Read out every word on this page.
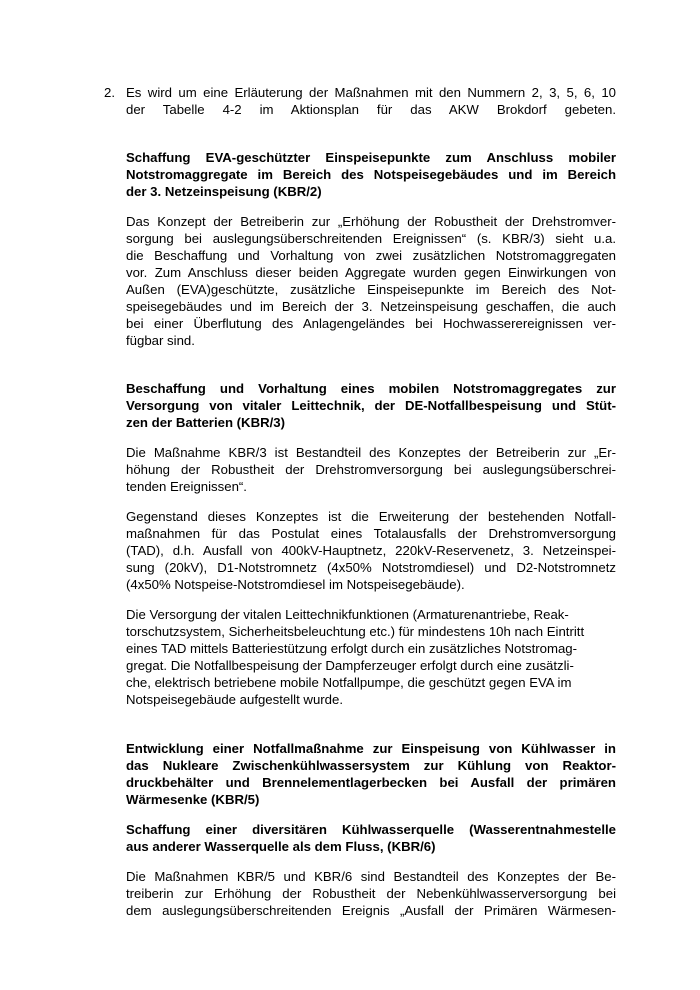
2. Es wird um eine Erläuterung der Maßnahmen mit den Nummern 2, 3, 5, 6, 10
der Tabelle 4-2 im Aktionsplan für das AKW Brokdorf gebeten.
Schaffung EVA-geschützter Einspeisepunkte zum Anschluss mobiler
Notstromaggregate im Bereich des Notspeisegebäudes und im Bereich
der 3. Netzeinspeisung (KBR/2)
Das Konzept der Betreiberin zur „Erhöhung der Robustheit der Drehstromver-
sorgung bei auslegungsüberschreitenden Ereignissen“ (s. KBR/3) sieht u.a.
die Beschaffung und Vorhaltung von zwei zusätzlichen Notstromaggregaten
vor. Zum Anschluss dieser beiden Aggregate wurden gegen Einwirkungen von
Außen (EVA)geschützte, zusätzliche Einspeisepunkte im Bereich des Not-
speisegebäudes und im Bereich der 3. Netzeinspeisung geschaffen, die auch
bei einer Überflutung des Anlagengeländes bei Hochwasserereignissen ver-
fügbar sind.
Beschaffung und Vorhaltung eines mobilen Notstromaggregates zur
Versorgung von vitaler Leittechnik, der DE-Notfallbespeisung und Stüt-
zen der Batterien (KBR/3)
Die Maßnahme KBR/3 ist Bestandteil des Konzeptes der Betreiberin zur „Er-
höhung der Robustheit der Drehstromversorgung bei auslegungsüberschrei-
tenden Ereignissen“.
Gegenstand dieses Konzeptes ist die Erweiterung der bestehenden Notfall-
maßnahmen für das Postulat eines Totalausfalls der Drehstromversorgung
(TAD), d.h. Ausfall von 400kV-Hauptnetz, 220kV-Reservenetz, 3. Netzeinspei-
sung (20kV), D1-Notstromnetz (4x50% Notstromdiesel) und D2-Notstromnetz
(4x50% Notspeise-Notstromdiesel im Notspeisegebäude).
Die Versorgung der vitalen Leittechnikfunktionen (Armaturenantriebe, Reak-
torschutzsystem, Sicherheitsbeleuchtung etc.) für mindestens 10h nach Eintritt
eines TAD mittels Batteriestützung erfolgt durch ein zusätzliches Notstromag-
gregat. Die Notfallbespeisung der Dampferzeuger erfolgt durch eine zusätzli-
che, elektrisch betriebene mobile Notfallpumpe, die geschützt gegen EVA im
Notspeisegebäude aufgestellt wurde.
Entwicklung einer Notfallmaßnahme zur Einspeisung von Kühlwasser in
das Nukleare Zwischenkühlwassersystem zur Kühlung von Reaktor-
druckbehälter und Brennelementlagerbecken bei Ausfall der primären
Wärmesenke (KBR/5)
Schaffung einer diversitären Kühlwasserquelle (Wasserentnahmestelle
aus anderer Wasserquelle als dem Fluss, (KBR/6)
Die Maßnahmen KBR/5 und KBR/6 sind Bestandteil des Konzeptes der Be-
treiberin zur Erhöhung der Robustheit der Nebenkühlwasserversorgung bei
dem auslegungsüberschreitenden Ereignis „Ausfall der Primären Wärmesen-
